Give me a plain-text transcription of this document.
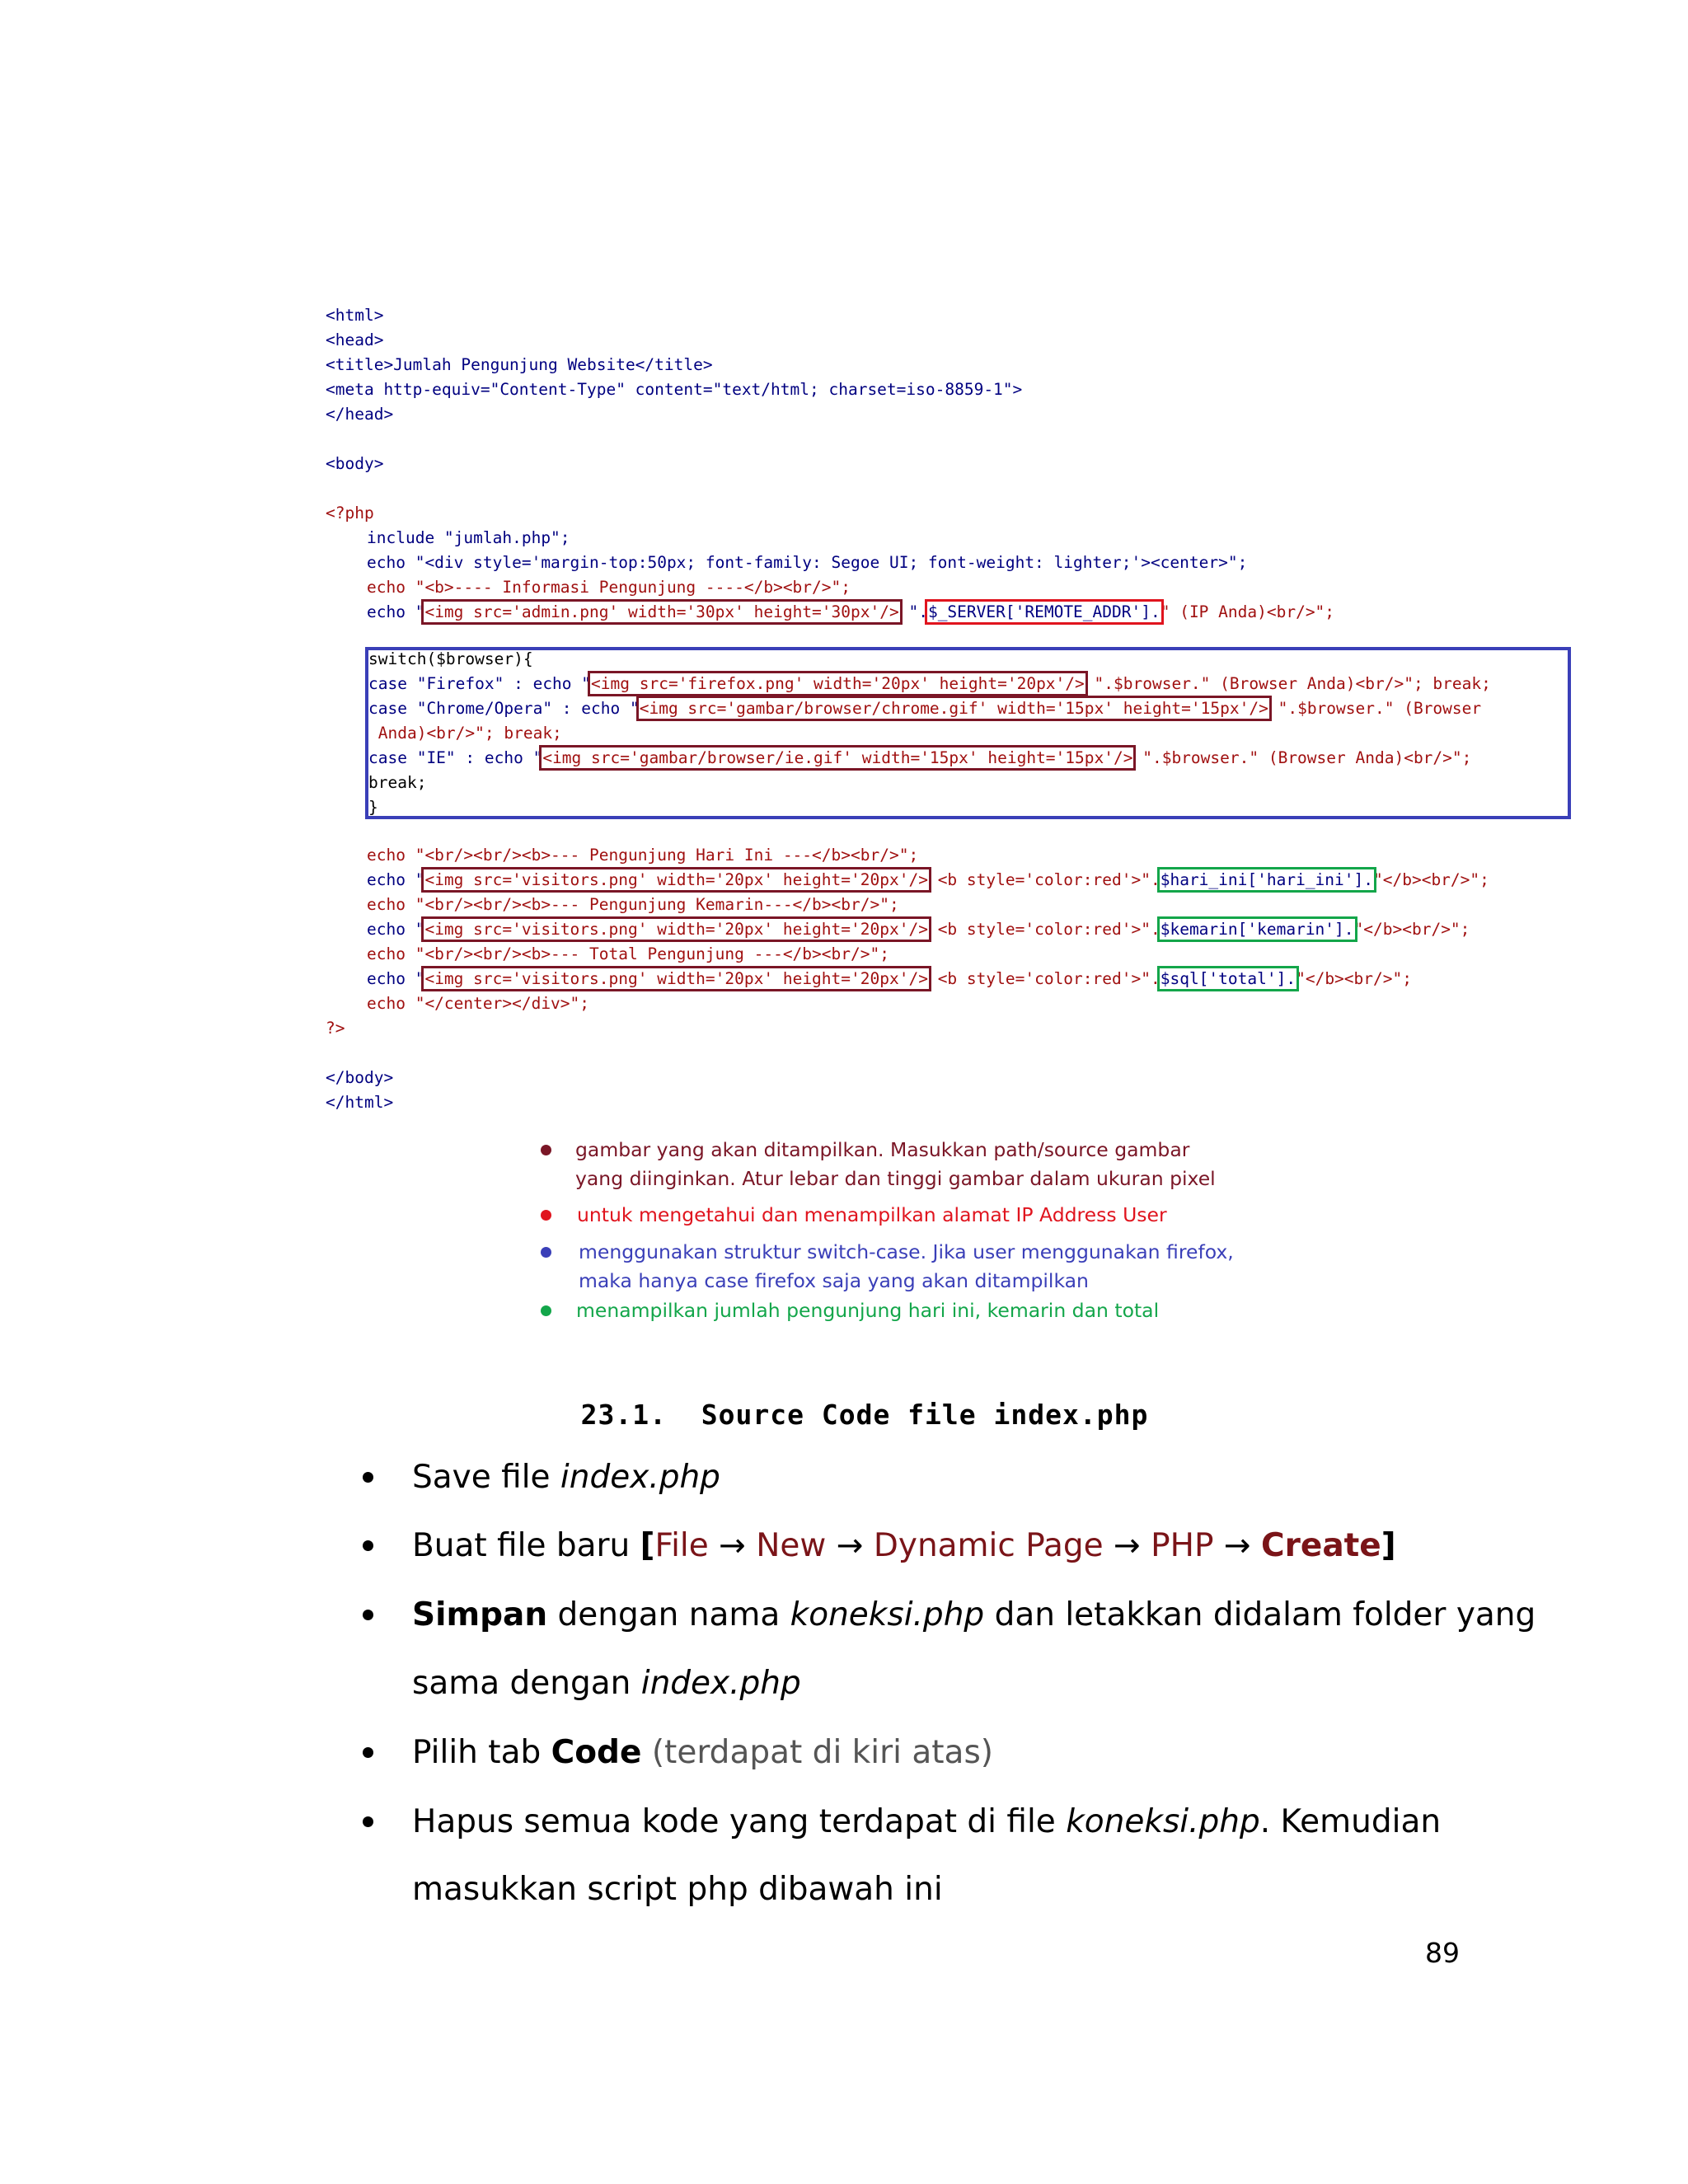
<html>

<head>

<title>Jumlah Pengunjung Website</title>

<meta http-equiv="Content-Type" content="text/html; charset=iso-8859-1">

</head>

<body>

<?php

include "jumlah.php";

echo "<div style='margin-top:50px; font-family: Segoe UI; font-weight: lighter;'><center>";

echo "<b>---- Informasi Pengunjung ----</b><br/>";

echo "<img src='admin.png' width='30px' height='30px'/> ".$_SERVER['REMOTE_ADDR']." (IP Anda)<br/>";

switch($browser){

case "Firefox" : echo "<img src='firefox.png' width='20px' height='20px'/> ".$browser." (Browser Anda)<br/>"; break;

case "Chrome/Opera" : echo "<img src='gambar/browser/chrome.gif' width='15px' height='15px'/> ".$browser." (Browser

Anda)<br/>"; break;

case "IE" : echo "<img src='gambar/browser/ie.gif' width='15px' height='15px'/> ".$browser." (Browser Anda)<br/>";

break;

}

echo "<br/><br/><b>--- Pengunjung Hari Ini ---</b><br/>";

echo "<img src='visitors.png' width='20px' height='20px'/> <b style='color:red'>".$hari_ini['hari_ini']."</b><br/>";

echo "<br/><br/><b>--- Pengunjung Kemarin---</b><br/>";

echo "<img src='visitors.png' width='20px' height='20px'/> <b style='color:red'>".$kemarin['kemarin']."</b><br/>";

echo "<br/><br/><b>--- Total Pengunjung ---</b><br/>";

echo "<img src='visitors.png' width='20px' height='20px'/> <b style='color:red'>".$sql['total']."</b><br/>";

echo "</center></div>";

?>

</body>

</html>

gambar yang akan ditampilkan. Masukkan path/source gambar
yang diinginkan. Atur lebar dan tinggi gambar dalam ukuran pixel
untuk mengetahui dan menampilkan alamat IP Address User
menggunakan struktur switch-case. Jika user menggunakan firefox,
maka hanya case firefox saja yang akan ditampilkan
menampilkan jumlah pengunjung hari ini, kemarin dan total
23.1. Source Code file index.php
Save file index.php
Buat file baru [File → New → Dynamic Page → PHP → Create]
Simpan dengan nama koneksi.php dan letakkan didalam folder yang
sama dengan index.php
Pilih tab Code (terdapat di kiri atas)
Hapus semua kode yang terdapat di file koneksi.php. Kemudian
masukkan script php dibawah ini
89
